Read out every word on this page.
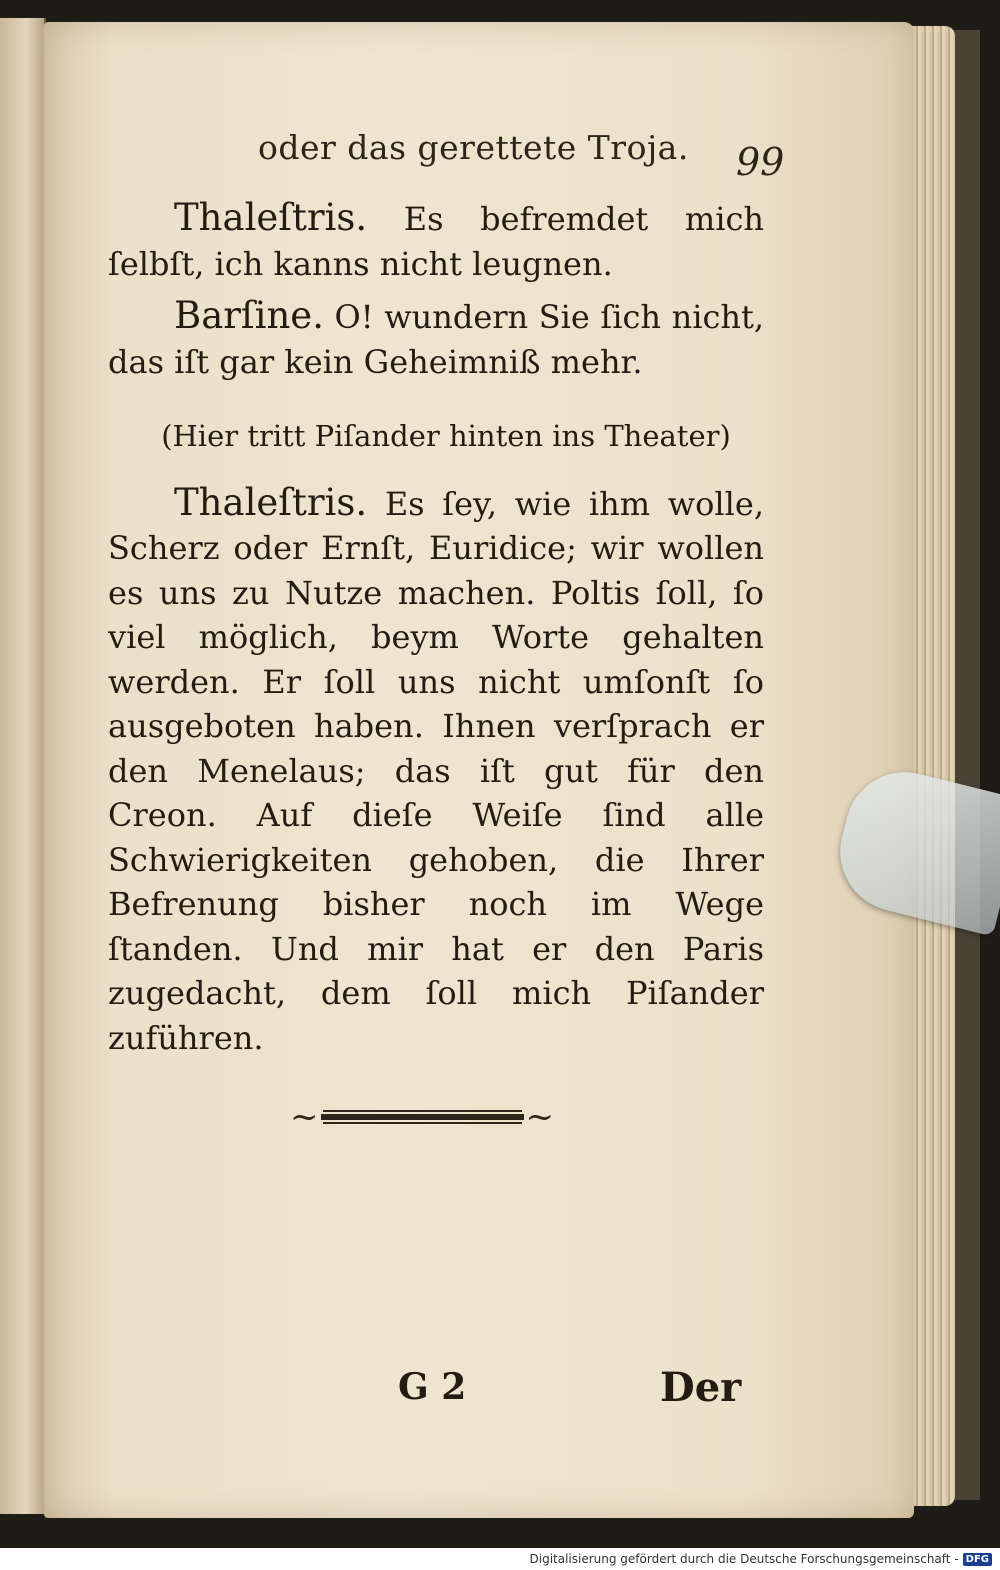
oder das gerettete Troja. 99

Thaleſtris. Es befremdet mich ſelbſt, ich kanns nicht leugnen.

Barſine. O! wundern Sie ſich nicht, das iſt gar kein Geheimniß mehr.

(Hier tritt Piſander hinten ins Theater)

Thaleſtris. Es ſey, wie ihm wolle, Scherz oder Ernſt, Euridice; wir wollen es uns zu Nutze machen. Poltis ſoll, ſo viel möglich, beym Worte gehalten werden. Er ſoll uns nicht umſonſt ſo ausgeboten haben. Ihnen verſprach er den Menelaus; das iſt gut für den Creon. Auf dieſe Weiſe ſind alle Schwierigkeiten gehoben, die Ihrer Befrenung bisher noch im Wege ſtanden. Und mir hat er den Paris zugedacht, dem ſoll mich Piſander zuführen.

~	~
G 2	Der
Digitalisierung gefördert durch die Deutsche Forschungsgemeinschaft - DFG
